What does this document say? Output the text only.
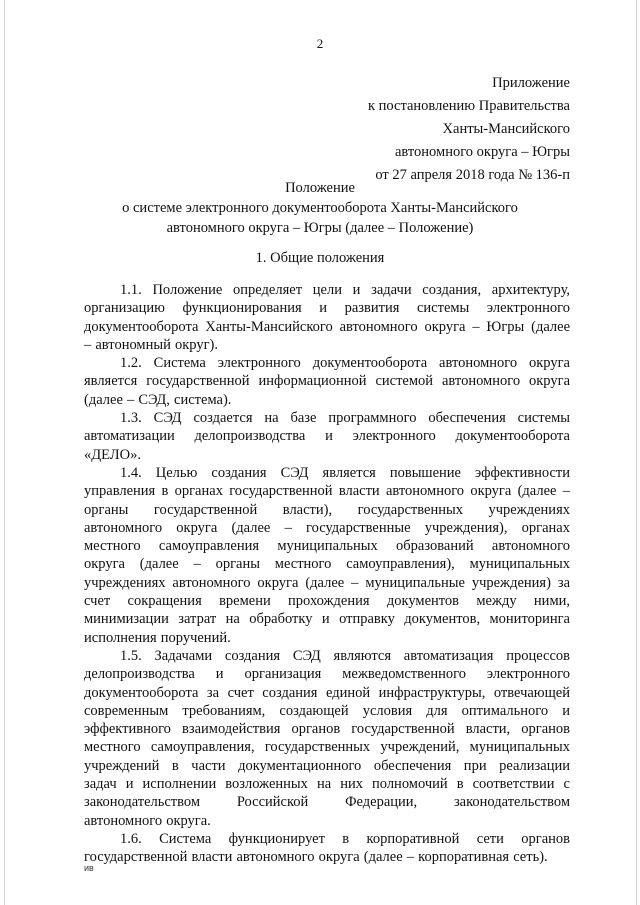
2
Приложение
к постановлению Правительства
Ханты-Мансийского
автономного округа – Югры
от 27 апреля 2018 года № 136-п
Положение
о системе электронного документооборота Ханты-Мансийского
автономного округа – Югры (далее – Положение)
1. Общие положения

1.1. Положение определяет цели и задачи создания, архитектуру,
организацию функционирования и развития системы электронного
документооборота Ханты-Мансийского автономного округа – Югры (далее
– автономный округ).

1.2. Система электронного документооборота автономного округа
является государственной информационной системой автономного округа
(далее – СЭД, система).

1.3. СЭД создается на базе программного обеспечения системы
автоматизации делопроизводства и электронного документооборота
«ДЕЛО».

1.4. Целью создания СЭД является повышение эффективности
управления в органах государственной власти автономного округа (далее –
органы государственной власти), государственных учреждениях
автономного округа (далее – государственные учреждения), органах
местного самоуправления муниципальных образований автономного
округа (далее – органы местного самоуправления), муниципальных
учреждениях автономного округа (далее – муниципальные учреждения) за
счет сокращения времени прохождения документов между ними,
минимизации затрат на обработку и отправку документов, мониторинга
исполнения поручений.

1.5. Задачами создания СЭД являются автоматизация процессов
делопроизводства и организация межведомственного электронного
документооборота за счет создания единой инфраструктуры, отвечающей
современным требованиям, создающей условия для оптимального и
эффективного взаимодействия органов государственной власти, органов
местного самоуправления, государственных учреждений, муниципальных
учреждений в части документационного обеспечения при реализации
задач и исполнении возложенных на них полномочий в соответствии с
законодательством Российской Федерации, законодательством
автономного округа.

1.6. Система функционирует в корпоративной сети органов
государственной власти автономного округа (далее – корпоративная сеть).

ив
